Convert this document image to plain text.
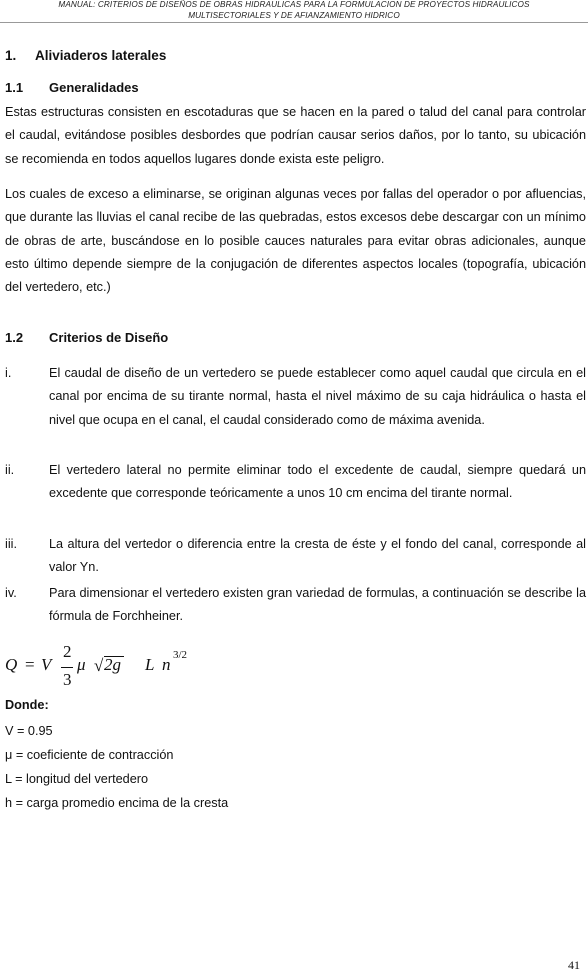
MANUAL: CRITERIOS DE DISEÑOS DE OBRAS HIDRAULICAS PARA LA FORMULACION DE PROYECTOS HIDRAULICOS
MULTISECTORIALES Y DE AFIANZAMIENTO HIDRICO
1. Aliviaderos laterales
1.1 Generalidades

Estas estructuras consisten en escotaduras que se hacen en la pared o talud del canal para controlar el caudal, evitándose posibles desbordes que podrían causar serios daños, por lo tanto, su ubicación se recomienda en todos aquellos lugares donde exista este peligro.

Los cuales de exceso a eliminarse, se originan algunas veces por fallas del operador o por afluencias, que durante las lluvias el canal recibe de las quebradas, estos excesos debe descargar con un mínimo de obras de arte, buscándose en lo posible cauces naturales para evitar obras adicionales, aunque esto último depende siempre de la conjugación de diferentes aspectos locales (topografía, ubicación del vertedero, etc.)

1.2 Criterios de Diseño
i.	El caudal de diseño de un vertedero se puede establecer como aquel caudal que circula en el canal por encima de su tirante normal, hasta el nivel máximo de su caja hidráulica o hasta el nivel que ocupa en el canal, el caudal considerado como de máxima avenida.
ii.	El vertedero lateral no permite eliminar todo el excedente de caudal, siempre quedará un excedente que corresponde teóricamente a unos 10 cm encima del tirante normal.
iii.	La altura del vertedor o diferencia entre la cresta de éste y el fondo del canal, corresponde al valor Yn.
iv.	Para dimensionar el vertedero existen gran variedad de formulas, a continuación se describe la fórmula de Forchheiner.
Q = V
2
3
μ √ 2g L n 3/2
Donde:
V = 0.95
μ = coeficiente de contracción
L = longitud del vertedero
h = carga promedio encima de la cresta
41
